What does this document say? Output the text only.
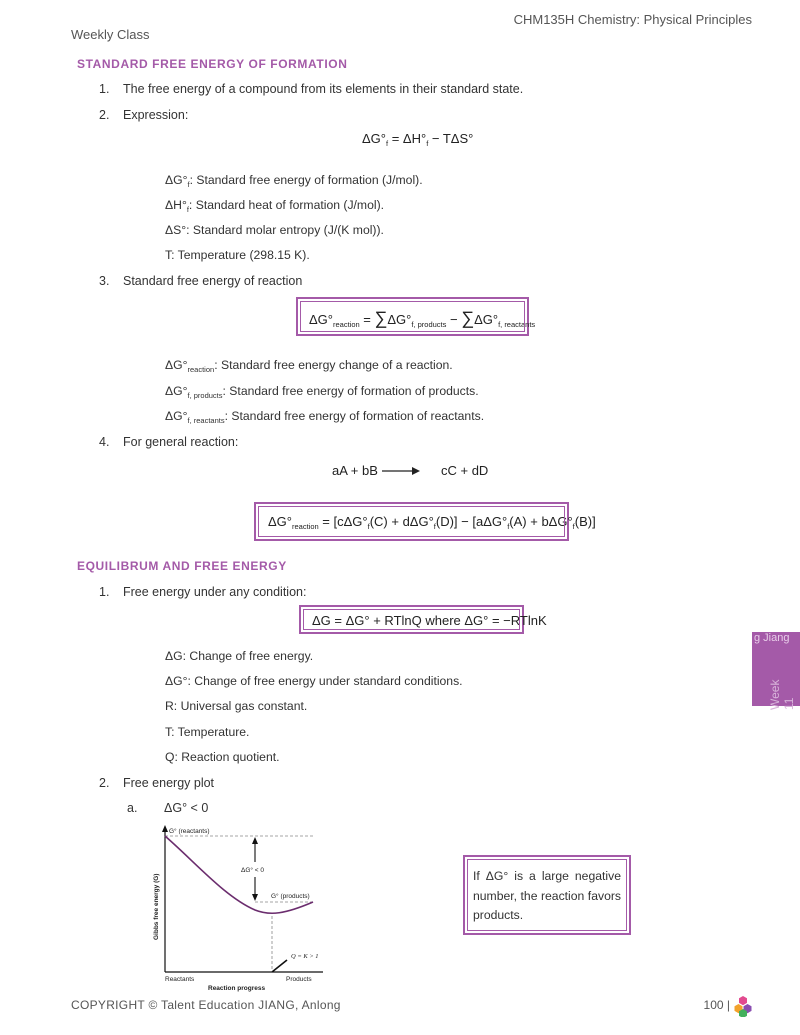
CHM135H Chemistry: Physical Principles
Weekly Class
STANDARD FREE ENERGY OF FORMATION
1. The free energy of a compound from its elements in their standard state.
2. Expression:
$\Delta G^\circ_f = \Delta H^\circ_f - T\Delta S^\circ$
$\Delta G^\circ_f$: Standard free energy of formation (J/mol).
$\Delta H^\circ_f$: Standard heat of formation (J/mol).
ΔS°: Standard molar entropy (J/(K mol)).
T: Temperature (298.15 K).
3. Standard free energy of reaction
$\Delta G^\circ_{reaction} = \sum\Delta G^\circ_{f, products} - \sum\Delta G^\circ_{f, reactants}$
$\Delta G^\circ_{reaction}$: Standard free energy change of a reaction.
$\Delta G^\circ_{f, products}$: Standard free energy of formation of products.
$\Delta G^\circ_{f, reactants}$: Standard free energy of formation of reactants.
4. For general reaction:
aA + bB → cC + dD
$\Delta G^\circ_{reaction} = [c\Delta G^\circ_f(C) + d\Delta G^\circ_f(D)] - [a\Delta G^\circ_f(A) + b\Delta G^\circ_f(B)]$
EQUILIBRUM AND FREE ENERGY
1. Free energy under any condition:
ΔG = ΔG° + RTlnQ where ΔG° = −RTlnK
ΔG: Change of free energy.
ΔG°: Change of free energy under standard conditions.
R: Universal gas constant.
T: Temperature.
Q: Reaction quotient.
2. Free energy plot
a. ΔG° < 0
G° (reactants)
G° (products)
ΔG° < 0
Q = K > 1
Reactants	Products
Reaction progress
Gibbs free energy (G)	If ΔG° is a large negative number, the reaction favors products.
g Jiang
Week 11
COPYRIGHT © Talent Education JIANG, Anlong	100 |
